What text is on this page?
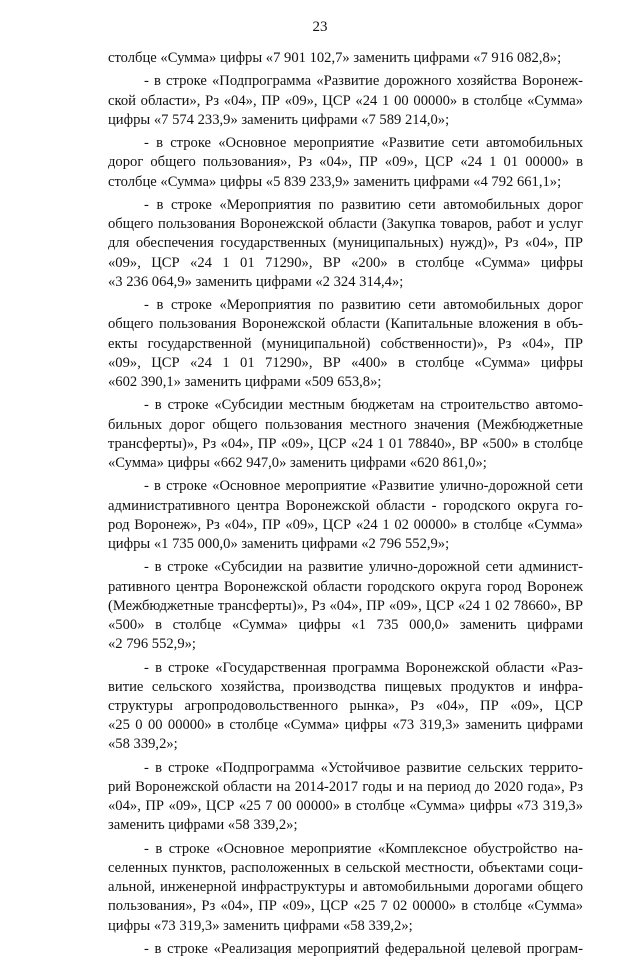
23
столбце «Сумма» цифры «7 901 102,7» заменить цифрами «7 916 082,8»;
- в строке «Подпрограмма «Развитие дорожного хозяйства Воронеж-
ской области», Рз «04», ПР «09», ЦСР «24 1 00 00000» в столбце «Сумма»
цифры «7 574 233,9» заменить цифрами «7 589 214,0»;
- в строке «Основное мероприятие «Развитие сети автомобильных
дорог общего пользования», Рз «04», ПР «09», ЦСР «24 1 01 00000» в
столбце «Сумма» цифры «5 839 233,9» заменить цифрами «4 792 661,1»;
- в строке «Мероприятия по развитию сети автомобильных дорог
общего пользования Воронежской области (Закупка товаров, работ и услуг
для обеспечения государственных (муниципальных) нужд)», Рз «04», ПР
«09», ЦСР «24 1 01 71290», ВР «200» в столбце «Сумма» цифры
«3 236 064,9» заменить цифрами «2 324 314,4»;
- в строке «Мероприятия по развитию сети автомобильных дорог
общего пользования Воронежской области (Капитальные вложения в объ-
екты государственной (муниципальной) собственности)», Рз «04», ПР
«09», ЦСР «24 1 01 71290», ВР «400» в столбце «Сумма» цифры
«602 390,1» заменить цифрами «509 653,8»;
- в строке «Субсидии местным бюджетам на строительство автомо-
бильных дорог общего пользования местного значения (Межбюджетные
трансферты)», Рз «04», ПР «09», ЦСР «24 1 01 78840», ВР «500» в столбце
«Сумма» цифры «662 947,0» заменить цифрами «620 861,0»;
- в строке «Основное мероприятие «Развитие улично-дорожной сети
административного центра Воронежской области - городского округа го-
род Воронеж», Рз «04», ПР «09», ЦСР «24 1 02 00000» в столбце «Сумма»
цифры «1 735 000,0» заменить цифрами «2 796 552,9»;
- в строке «Субсидии на развитие улично-дорожной сети админист-
ративного центра Воронежской области городского округа город Воронеж
(Межбюджетные трансферты)», Рз «04», ПР «09», ЦСР «24 1 02 78660», ВР
«500» в столбце «Сумма» цифры «1 735 000,0» заменить цифрами
«2 796 552,9»;
- в строке «Государственная программа Воронежской области «Раз-
витие сельского хозяйства, производства пищевых продуктов и инфра-
структуры агропродовольственного рынка», Рз «04», ПР «09», ЦСР
«25 0 00 00000» в столбце «Сумма» цифры «73 319,3» заменить цифрами
«58 339,2»;
- в строке «Подпрограмма «Устойчивое развитие сельских террито-
рий Воронежской области на 2014-2017 годы и на период до 2020 года», Рз
«04», ПР «09», ЦСР «25 7 00 00000» в столбце «Сумма» цифры «73 319,3»
заменить цифрами «58 339,2»;
- в строке «Основное мероприятие «Комплексное обустройство на-
селенных пунктов, расположенных в сельской местности, объектами соци-
альной, инженерной инфраструктуры и автомобильными дорогами общего
пользования», Рз «04», ПР «09», ЦСР «25 7 02 00000» в столбце «Сумма»
цифры «73 319,3» заменить цифрами «58 339,2»;
- в строке «Реализация мероприятий федеральной целевой програм-
